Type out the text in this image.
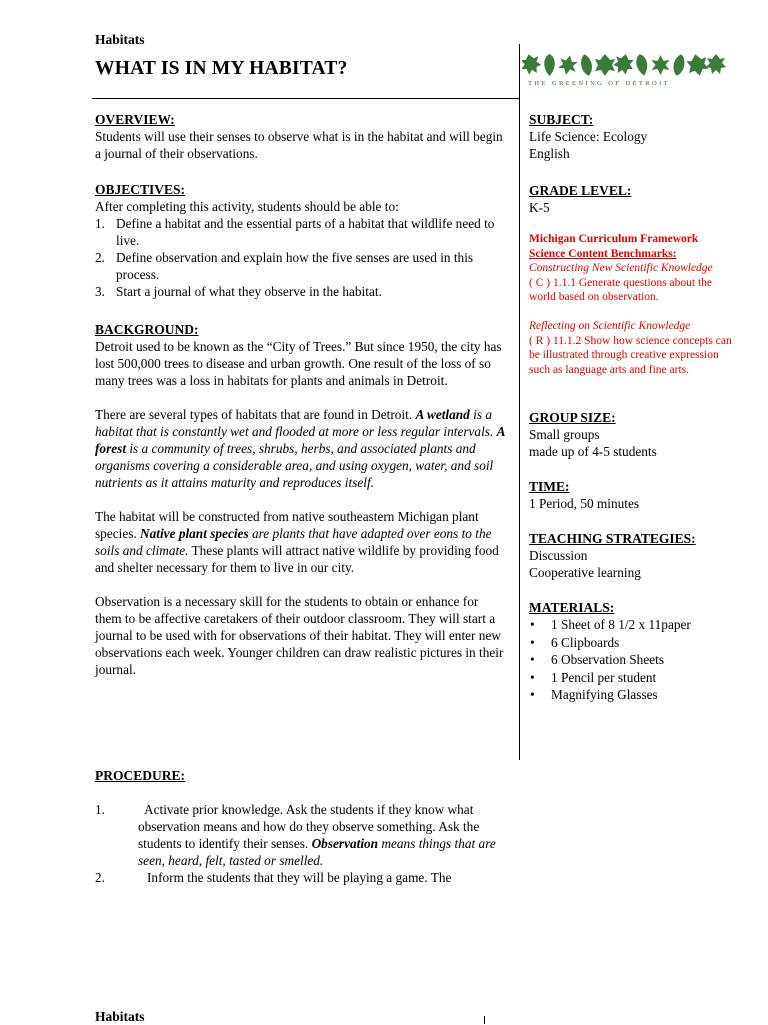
Habitats
WHAT IS IN MY HABITAT?
THE GREENING OF DETROIT
OVERVIEW:

Students will use their senses to observe what is in the habitat and will begin a journal of their observations.

OBJECTIVES:

After completing this activity, students should be able to:

1. Define a habitat and the essential parts of a habitat that wildlife need to live.
2. Define observation and explain how the five senses are used in this process.
3. Start a journal of what they observe in the habitat.
BACKGROUND:

Detroit used to be known as the “City of Trees.” But since 1950, the city has lost 500,000 trees to disease and urban growth. One result of the loss of so many trees was a loss in habitats for plants and animals in Detroit.

There are several types of habitats that are found in Detroit. A wetland is a habitat that is constantly wet and flooded at more or less regular intervals. A forest is a community of trees, shrubs, herbs, and associated plants and organisms covering a considerable area, and using oxygen, water, and soil nutrients as it attains maturity and reproduces itself.

The habitat will be constructed from native southeastern Michigan plant species. Native plant species are plants that have adapted over eons to the soils and climate. These plants will attract native wildlife by providing food and shelter necessary for them to live in our city.

Observation is a necessary skill for the students to obtain or enhance for them to be affective caretakers of their outdoor classroom. They will start a journal to be used with for observations of their habitat. They will enter new observations each week. Younger children can draw realistic pictures in their journal.

PROCEDURE:
1.	Activate prior knowledge. Ask the students if they know what observation means and how do they observe something. Ask the students to identify their senses. Observation means things that are seen, heard, felt, tasted or smelled.
2.	Inform the students that they will be playing a game. The
SUBJECT:

Life Science: Ecology

English

GRADE LEVEL:

K-5

Michigan Curriculum Framework
Science Content Benchmarks:
Constructing New Scientific Knowledge
( C ) 1.1.1 Generate questions about the world based on observation.
Reflecting on Scientific Knowledge
( R ) 11.1.2 Show how science concepts can be illustrated through creative expression such as language arts and fine arts.
GROUP SIZE:

Small groups

made up of 4-5 students

TIME:

1 Period, 50 minutes

TEACHING STRATEGIES:

Discussion

Cooperative learning

MATERIALS:
• 1 Sheet of 8 1/2 x 11paper
• 6 Clipboards
• 6 Observation Sheets
• 1 Pencil per student
• Magnifying Glasses
Habitats
